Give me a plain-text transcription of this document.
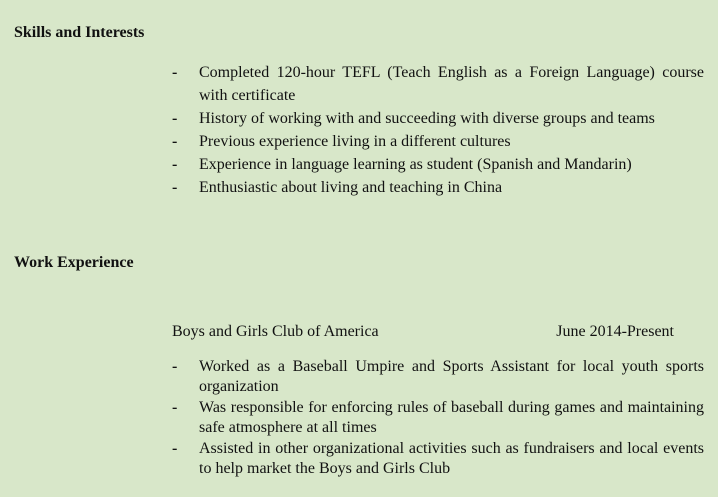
Skills and Interests
- Completed 120-hour TEFL (Teach English as a Foreign Language) course with certificate
- History of working with and succeeding with diverse groups and teams
- Previous experience living in a different cultures
- Experience in language learning as student (Spanish and Mandarin)
- Enthusiastic about living and teaching in China
Work Experience
Boys and Girls Club of America	June 2014-Present
- Worked as a Baseball Umpire and Sports Assistant for local youth sports organization
- Was responsible for enforcing rules of baseball during games and maintaining safe atmosphere at all times
- Assisted in other organizational activities such as fundraisers and local events to help market the Boys and Girls Club
